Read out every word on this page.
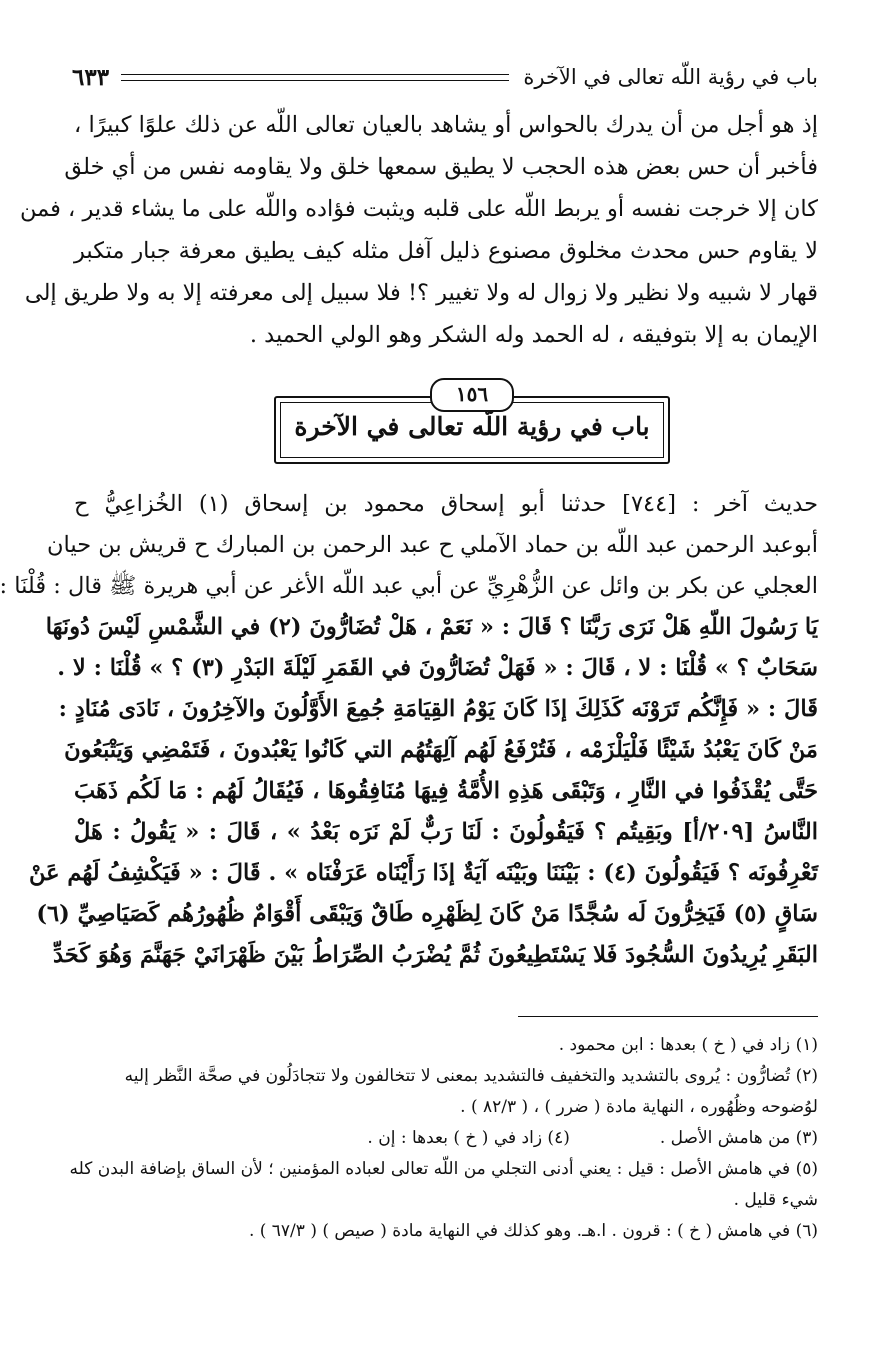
باب في رؤية اللّه تعالى في الآخرة
٦٣٣
إذ هو أجل من أن يدرك بالحواس أو يشاهد بالعيان تعالى اللّه عن ذلك علوًا كبيرًا ،
فأخبر أن حس بعض هذه الحجب لا يطيق سمعها خلق ولا يقاومه نفس من أي خلق
كان إلا خرجت نفسه أو يربط اللّه على قلبه ويثبت فؤاده واللّه على ما يشاء قدير ، فمن
لا يقاوم حس محدث مخلوق مصنوع ذليل آفل مثله كيف يطيق معرفة جبار متكبر
قهار لا شبيه ولا نظير ولا زوال له ولا تغيير ؟! فلا سبيل إلى معرفته إلا به ولا طريق إلى
الإيمان به إلا بتوفيقه ، له الحمد وله الشكر وهو الولي الحميد .
باب في رؤية اللّه تعالى في الآخرة
١٥٦
حديث آخر : [٧٤٤] حدثنا أبو إسحاق محمود بن إسحاق (١) الخُزاعِيُّ ح
أبوعبد الرحمن عبد اللّه بن حماد الآملي ح عبد الرحمن بن المبارك ح قريش بن حيان
العجلي عن بكر بن وائل عن الزُّهْرِيِّ عن أبي عبد اللّه الأغر عن أبي هريرة ﷺ قال : قُلْنَا :
يَا رَسُولَ اللّهِ هَلْ نَرَى رَبَّنَا ؟ قَالَ : « نَعَمْ ، هَلْ تُضَارُّونَ (٢) في الشَّمْسِ لَيْسَ دُونَهَا
سَحَابٌ ؟ » قُلْنَا : لا ، قَالَ : « فَهَلْ تُضَارُّونَ في القَمَرِ لَيْلَةَ البَدْرِ (٣) ؟ » قُلْنَا : لا .
قَالَ : « فَإِنَّكُم تَرَوْنَه كَذَلِكَ إذَا كَانَ يَوْمُ القِيَامَةِ جُمِعَ الأَوَّلُونَ والآخِرُونَ ، نَادَى مُنَادٍ :
مَنْ كَانَ يَعْبُدُ شَيْئًا فَلْيَلْزَمْه ، فَتُرْفَعُ لَهُم آلِهَتُهُم التي كَانُوا يَعْبُدونَ ، فَتَمْضِي وَيَتْبَعُونَ
حَتَّى يُقْذَفُوا في النَّارِ ، وَتَبْقَى هَذِهِ الأُمَّةُ فِيهَا مُنَافِقُوهَا ، فَيُقَالُ لَهُم : مَا لَكُم ذَهَبَ
النَّاسُ [٢٠٩/أ] وبَقِيتُم ؟ فَيَقُولُونَ : لَنَا رَبٌّ لَمْ نَرَه بَعْدُ » ، قَالَ : « يَقُولُ : هَلْ
تَعْرِفُونَه ؟ فَيَقُولُونَ (٤) : بَيْنَنَا وبَيْنَه آيَةٌ إذَا رَأَيْنَاه عَرَفْنَاه » . قَالَ : « فَيَكْشِفُ لَهُم عَنْ
سَاقٍ (٥) فَيَخِرُّونَ لَه سُجَّدًا مَنْ كَانَ لِظَهْرِه طَاقٌ وَيَبْقَى أَقْوَامٌ ظُهُورُهُم كَصَيَاصِيِّ (٦)
البَقَرِ يُرِيدُونَ السُّجُودَ فَلا يَسْتَطِيعُونَ ثُمَّ يُضْرَبُ الصِّرَاطُ بَيْنَ ظَهْرَانَيْ جَهَنَّمَ وَهُوَ كَحَدِّ
(١) زاد في ( خ ) بعدها : ابن محمود .
(٢) تُضارُّون : يُروى بالتشديد والتخفيف فالتشديد بمعنى لا تتخالفون ولا تتجادَلُون في صحَّة النَّظر إليه
لوُضوحه وظُهُوره ، النهاية مادة ( ضرر ) ، ( ٨٢/٣ ) .
(٣) من هامش الأصل .
(٤) زاد في ( خ ) بعدها : إن .
(٥) في هامش الأصل : قيل : يعني أدنى التجلي من اللّه تعالى لعباده المؤمنين ؛ لأن الساق بإضافة البدن كله
شيء قليل .
(٦) في هامش ( خ ) : قرون . ا.هـ. وهو كذلك في النهاية مادة ( صيص ) ( ٦٧/٣ ) .
